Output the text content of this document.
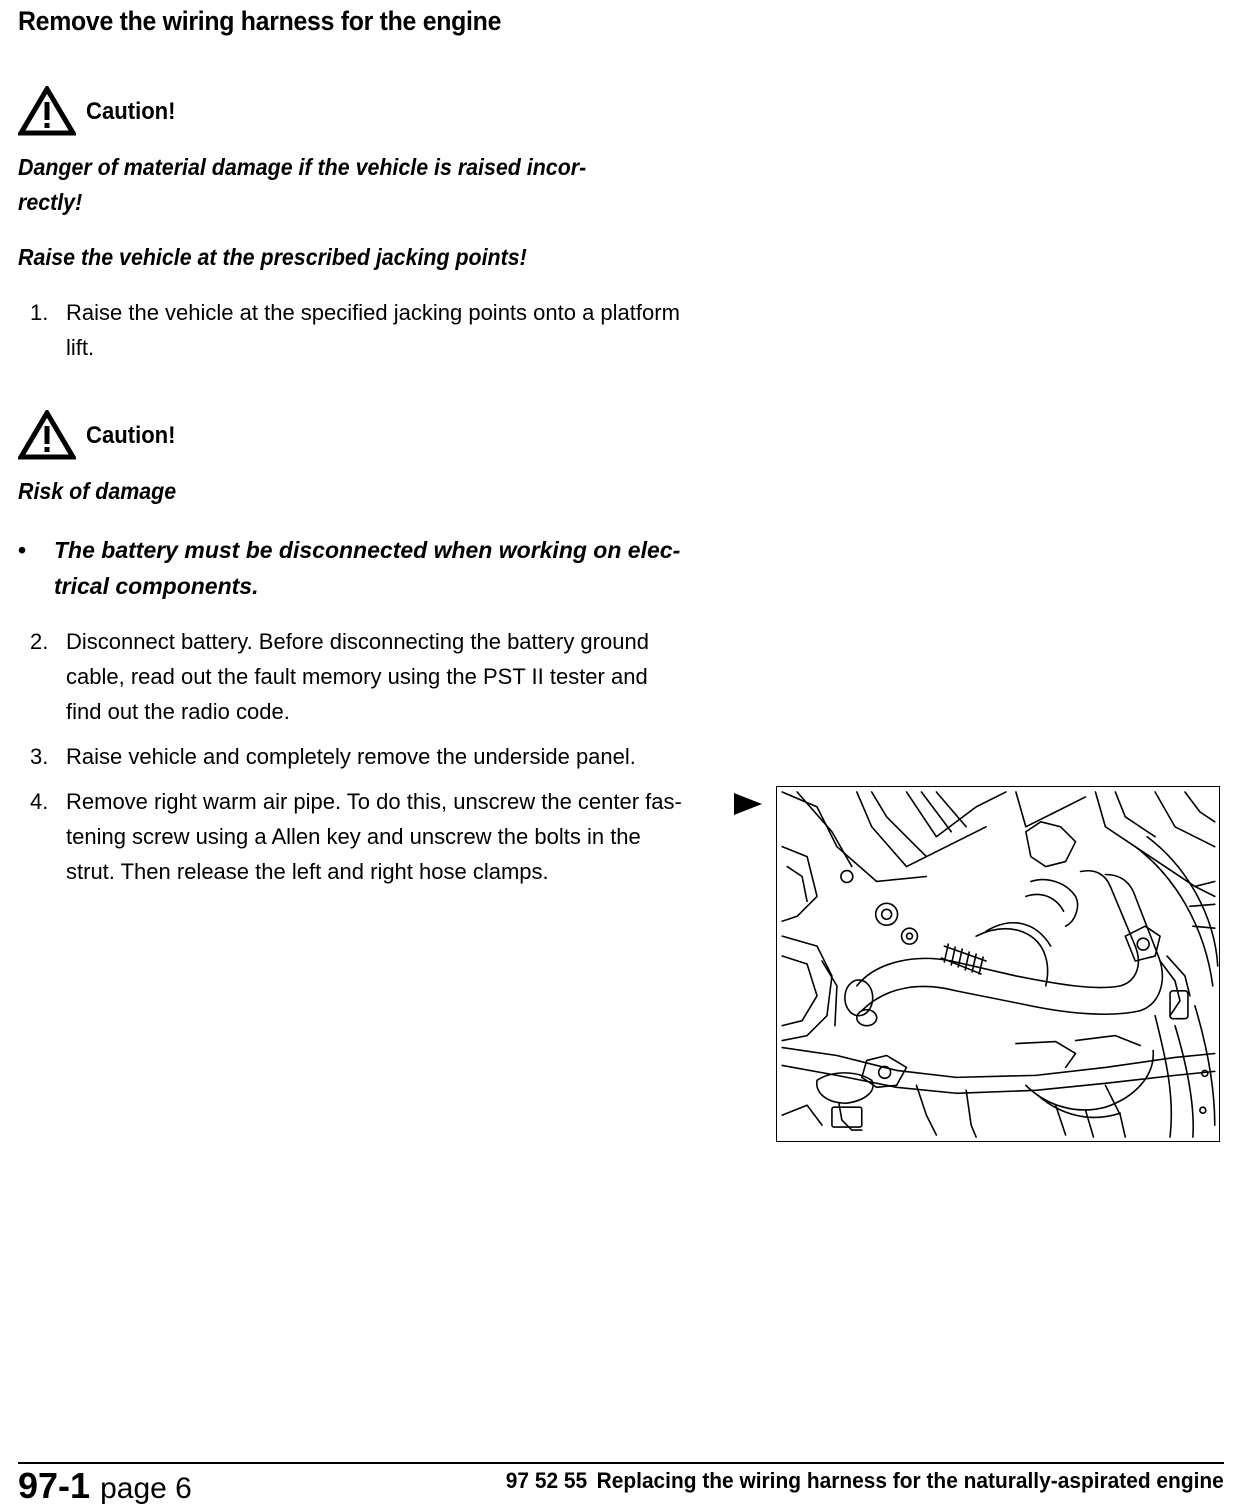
Remove the wiring harness for the engine
Caution!

Danger of material damage if the vehicle is raised incor-
rectly!

Raise the vehicle at the prescribed jacking points!

1. Raise the vehicle at the specified jacking points onto a platform
lift.
Caution!

Risk of damage

•	The battery must be disconnected when working on elec-
trical components.
2. Disconnect battery. Before disconnecting the battery ground
cable, read out the fault memory using the PST II tester and
find out the radio code.
3. Raise vehicle and completely remove the underside panel.
4. Remove right warm air pipe. To do this, unscrew the center fas-
tening screw using a Allen key and unscrew the bolts in the
strut. Then release the left and right hose clamps.
97-1 page 6	97 52 55 Replacing the wiring harness for the naturally-aspirated engine
